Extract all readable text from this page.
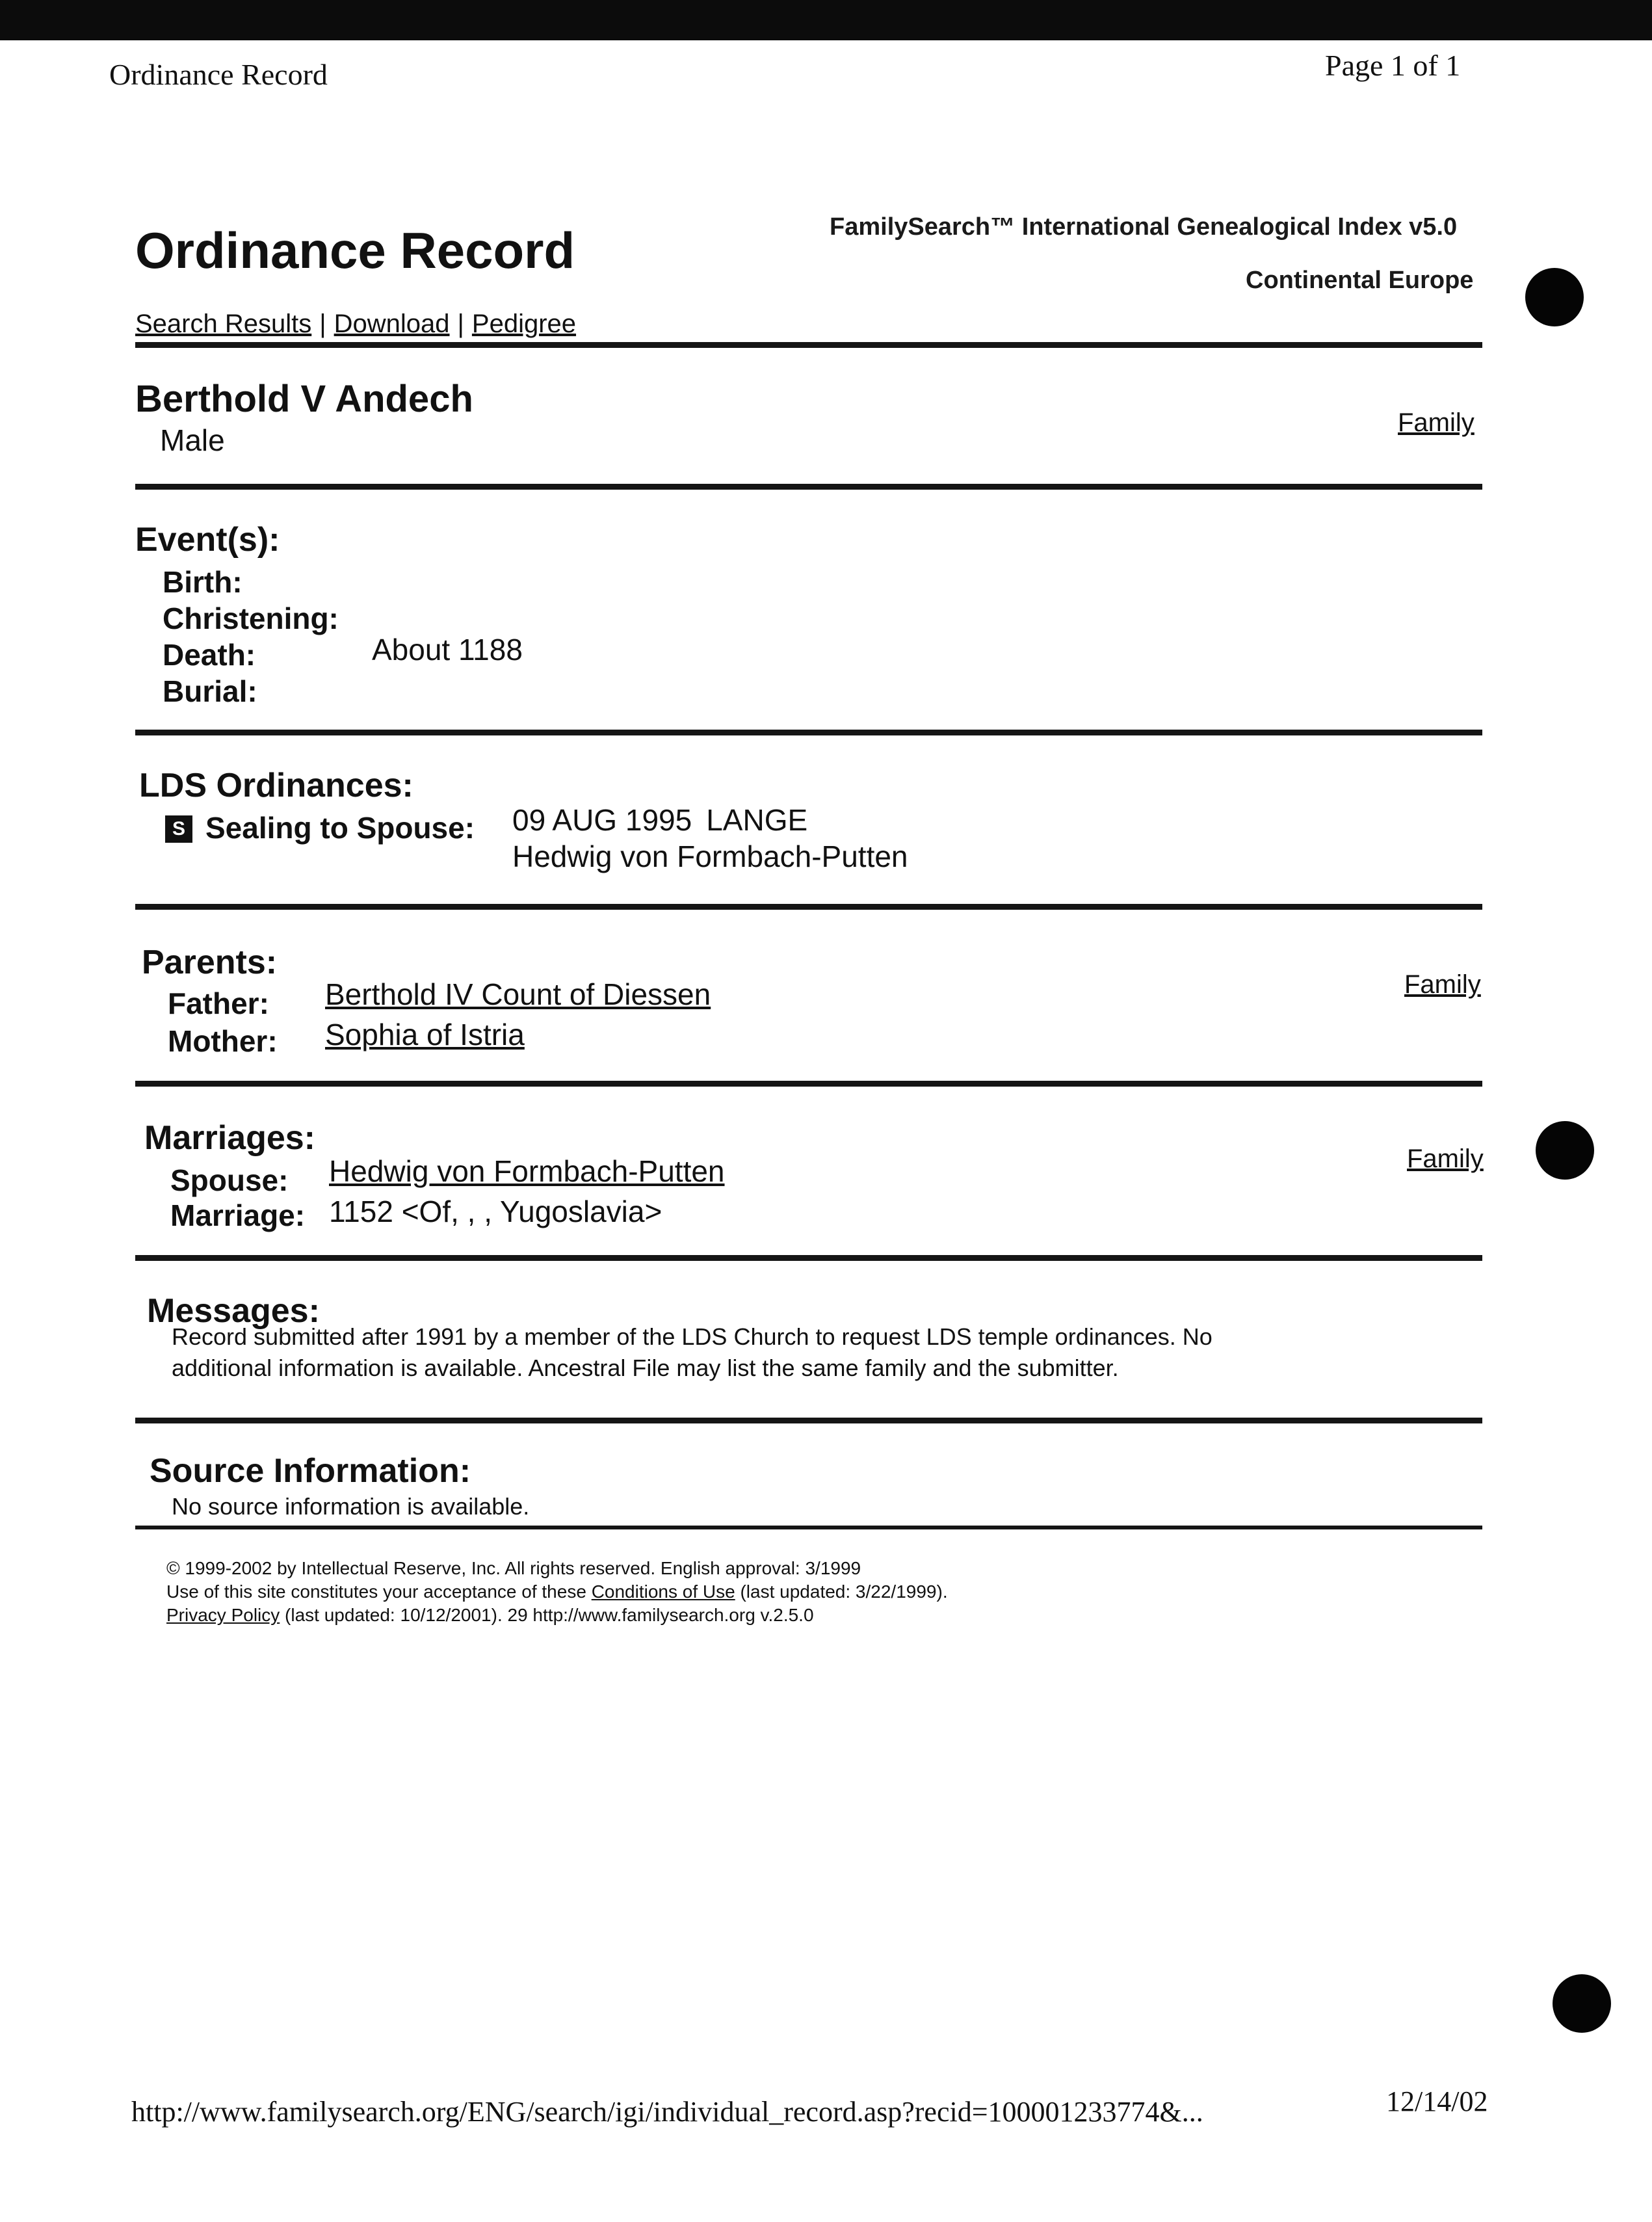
Ordinance Record	Page 1 of 1
Ordinance Record	FamilySearch™ International Genealogical Index v5.0
Continental Europe
Search Results | Download | Pedigree
Berthold V Andech
Male
Family
Event(s):
Birth:
Christening:
Death:	About 1188
Burial:
LDS Ordinances:
S Sealing to Spouse: 09 AUG 1995 LANGE
Hedwig von Formbach-Putten
Parents:
Father: Berthold IV Count of Diessen
Mother: Sophia of Istria
Family
Marriages:
Spouse: Hedwig von Formbach-Putten
Marriage: 1152 <Of, , , Yugoslavia>
Family
Messages:
Record submitted after 1991 by a member of the LDS Church to request LDS temple ordinances. No
additional information is available. Ancestral File may list the same family and the submitter.
Source Information:
No source information is available.
© 1999-2002 by Intellectual Reserve, Inc. All rights reserved. English approval: 3/1999
Use of this site constitutes your acceptance of these Conditions of Use (last updated: 3/22/1999).
Privacy Policy (last updated: 10/12/2001). 29 http://www.familysearch.org v.2.5.0
http://www.familysearch.org/ENG/search/igi/individual_record.asp?recid=100001233774&...	12/14/02
